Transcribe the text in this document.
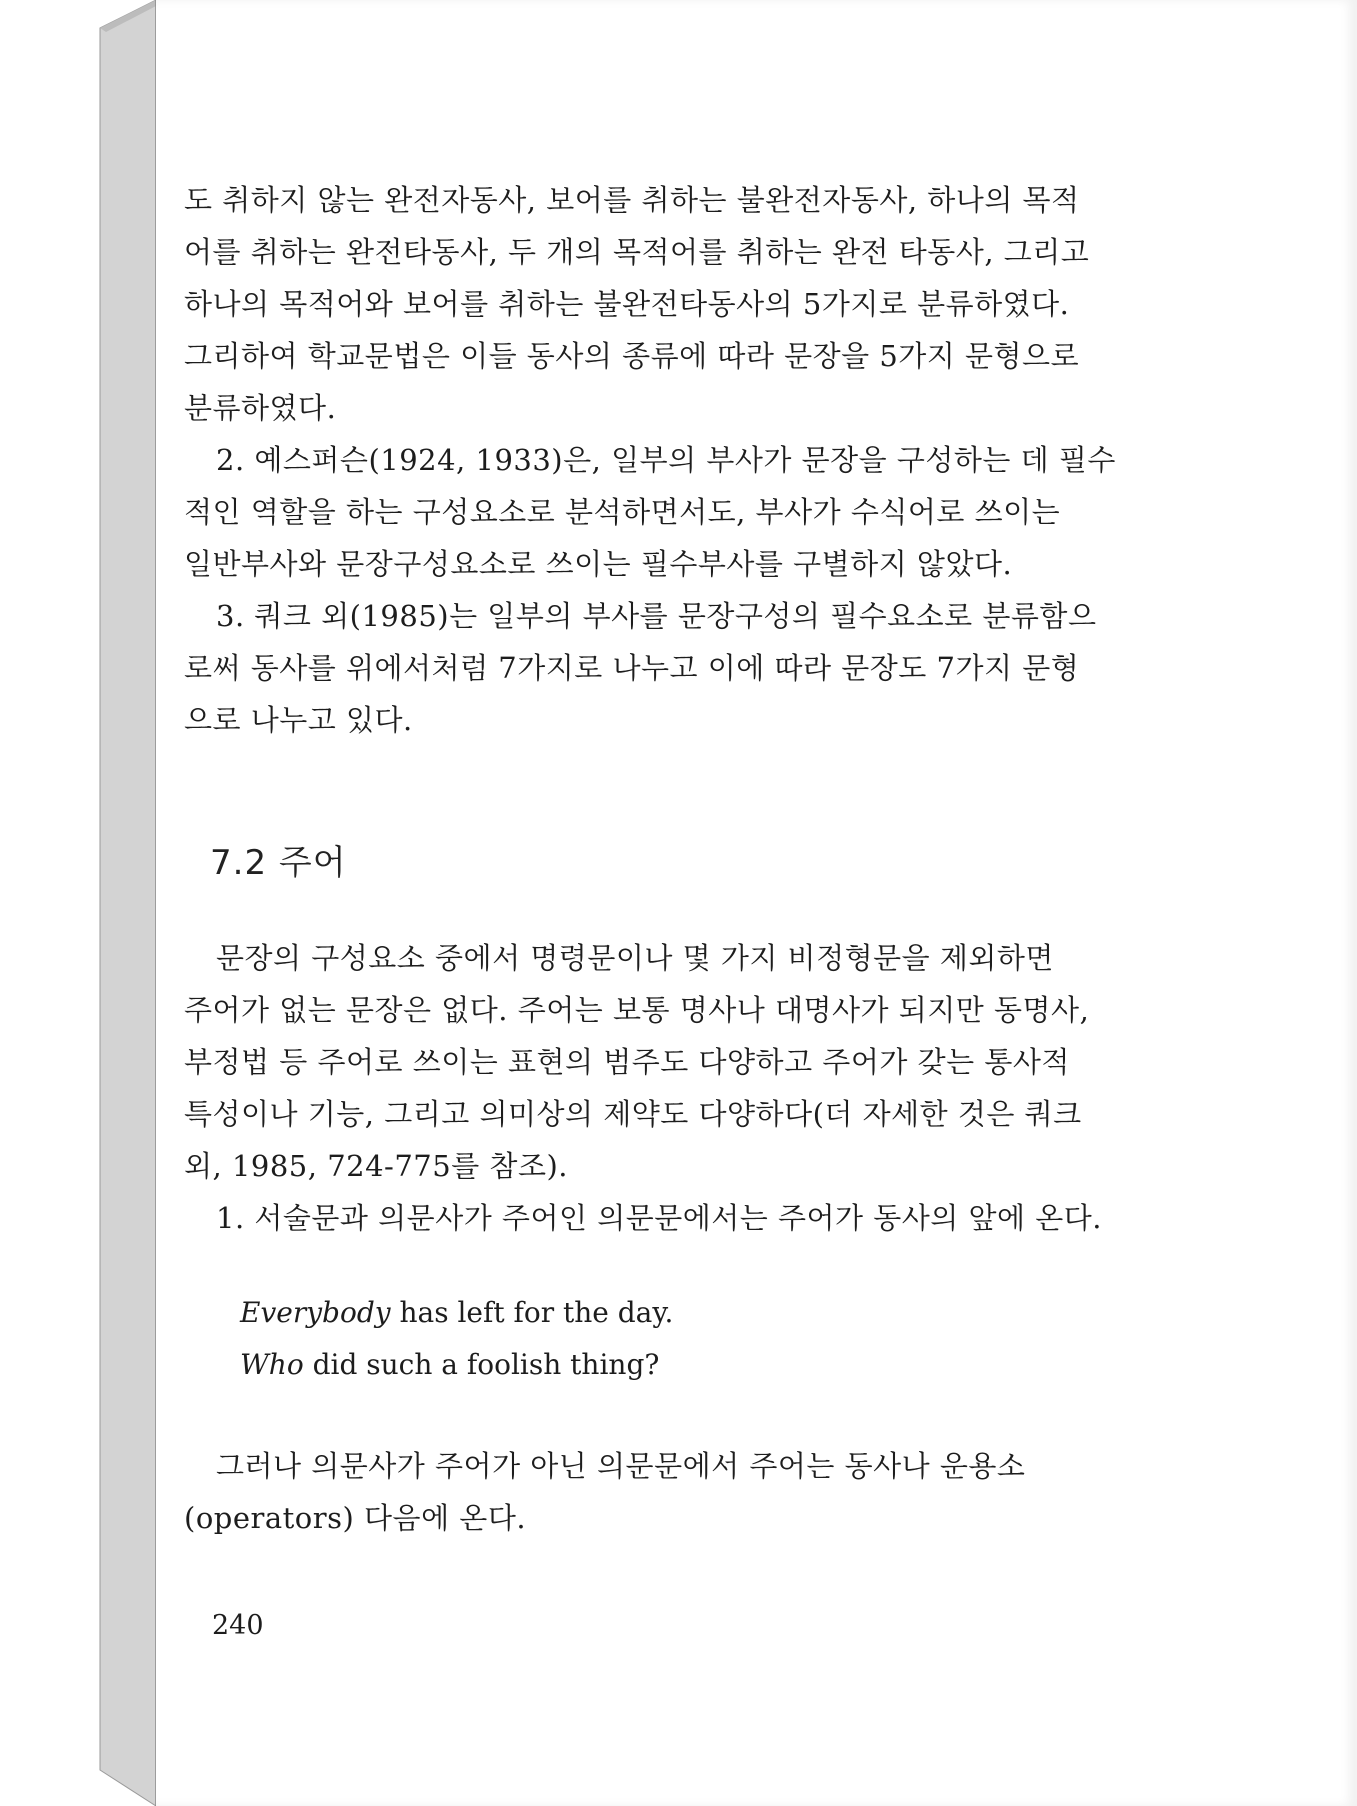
도 취하지 않는 완전자동사, 보어를 취하는 불완전자동사, 하나의 목적
어를 취하는 완전타동사, 두 개의 목적어를 취하는 완전 타동사, 그리고
하나의 목적어와 보어를 취하는 불완전타동사의 5가지로 분류하였다.
그리하여 학교문법은 이들 동사의 종류에 따라 문장을 5가지 문형으로
분류하였다.
2. 예스퍼슨(1924, 1933)은, 일부의 부사가 문장을 구성하는 데 필수
적인 역할을 하는 구성요소로 분석하면서도, 부사가 수식어로 쓰이는
일반부사와 문장구성요소로 쓰이는 필수부사를 구별하지 않았다.
3. 쿼크 외(1985)는 일부의 부사를 문장구성의 필수요소로 분류함으
로써 동사를 위에서처럼 7가지로 나누고 이에 따라 문장도 7가지 문형
으로 나누고 있다.
7.2 주어
문장의 구성요소 중에서 명령문이나 몇 가지 비정형문을 제외하면
주어가 없는 문장은 없다. 주어는 보통 명사나 대명사가 되지만 동명사,
부정법 등 주어로 쓰이는 표현의 범주도 다양하고 주어가 갖는 통사적
특성이나 기능, 그리고 의미상의 제약도 다양하다(더 자세한 것은 쿼크
외, 1985, 724-775를 참조).
1. 서술문과 의문사가 주어인 의문문에서는 주어가 동사의 앞에 온다.
Everybody has left for the day.
Who did such a foolish thing?
그러나 의문사가 주어가 아닌 의문문에서 주어는 동사나 운용소
(operators) 다음에 온다.
240
